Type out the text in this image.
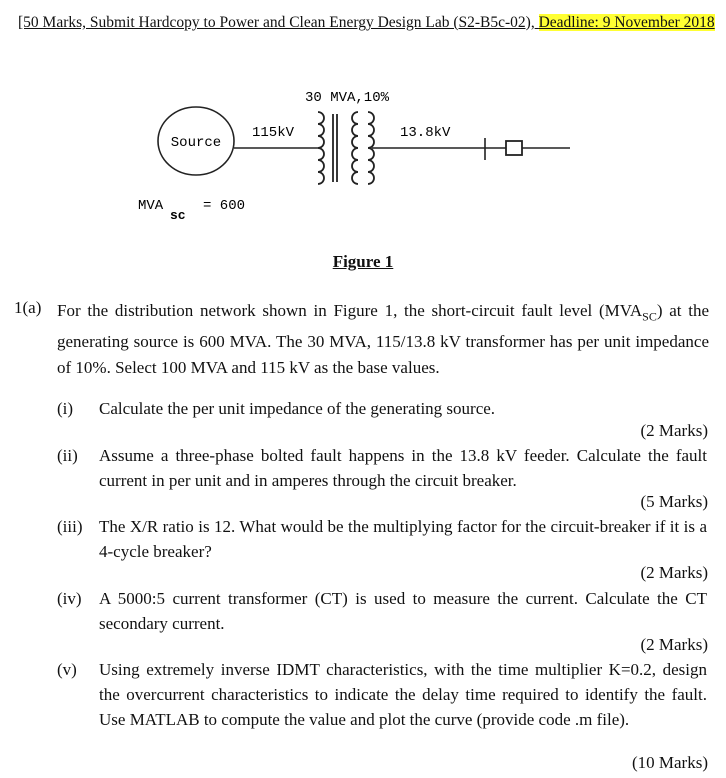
[50 Marks, Submit Hardcopy to Power and Clean Energy Design Lab (S2-B5c-02), Deadline: 9 November 2018
Source
115kV
30 MVA,10%
13.8kV
MVA
sc
= 600
Figure 1
1(a) For the distribution network shown in Figure 1, the short-circuit fault level $(MVA_{SC})$ at the generating source is 600 MVA. The 30 MVA, 115/13.8 kV transformer has per unit impedance of 10%. Select 100 MVA and 115 kV as the base values.
(i)	Calculate the per unit impedance of the generating source.
(2 Marks)
(ii)	Assume a three-phase bolted fault happens in the 13.8 kV feeder. Calculate the fault current in per unit and in amperes through the circuit breaker.
(5 Marks)
(iii) The X/R ratio is 12. What would be the multiplying factor for the circuit-breaker if it is a 4-cycle breaker?
(2 Marks)
(iv)	A 5000:5 current transformer (CT) is used to measure the current. Calculate the CT secondary current.
(2 Marks)
(v)	Using extremely inverse IDMT characteristics, with the time multiplier K=0.2, design the overcurrent characteristics to indicate the delay time required to identify the fault. Use MATLAB to compute the value and plot the curve (provide code .m file).
(10 Marks)
